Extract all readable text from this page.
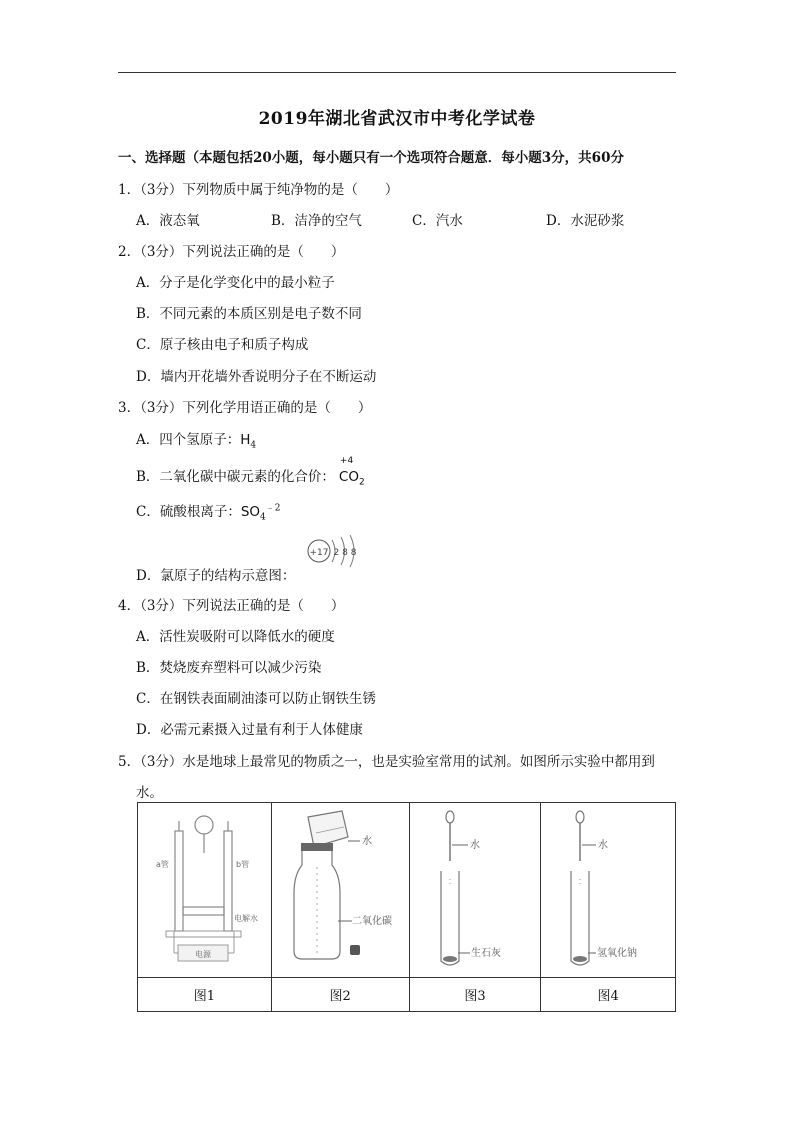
2019年湖北省武汉市中考化学试卷
一、选择题（本题包括20小题，每小题只有一个选项符合题意．每小题3分，共60分
1．（3分）下列物质中属于纯净物的是（　　）
A．液态氧	B．洁净的空气	C．汽水	D．水泥砂浆
2．（3分）下列说法正确的是（　　）
A．分子是化学变化中的最小粒子
B．不同元素的本质区别是电子数不同
C．原子核由电子和质子构成
D．墙内开花墙外香说明分子在不断运动
3．（3分）下列化学用语正确的是（　　）
A．四个氢原子：$H_4$
B．二氧化碳中碳元素的化合价：
+4
$CO_2$
C．硫酸根离子：$SO_4^{﹣2}$
D．氯原子的结构示意图：
+17 2 8 8
4．（3分）下列说法正确的是（　　）
A．活性炭吸附可以降低水的硬度
B．焚烧废弃塑料可以减少污染
C．在钢铁表面刷油漆可以防止钢铁生锈
D．必需元素摄入过量有利于人体健康
5．（3分）水是地球上最常见的物质之一，也是实验室常用的试剂。如图所示实验中都用到
水。
a管 b管
电解水
电源	水
二氧化碳	水
生石灰	水
氢氧化钠

图1	图2	图3	图4
